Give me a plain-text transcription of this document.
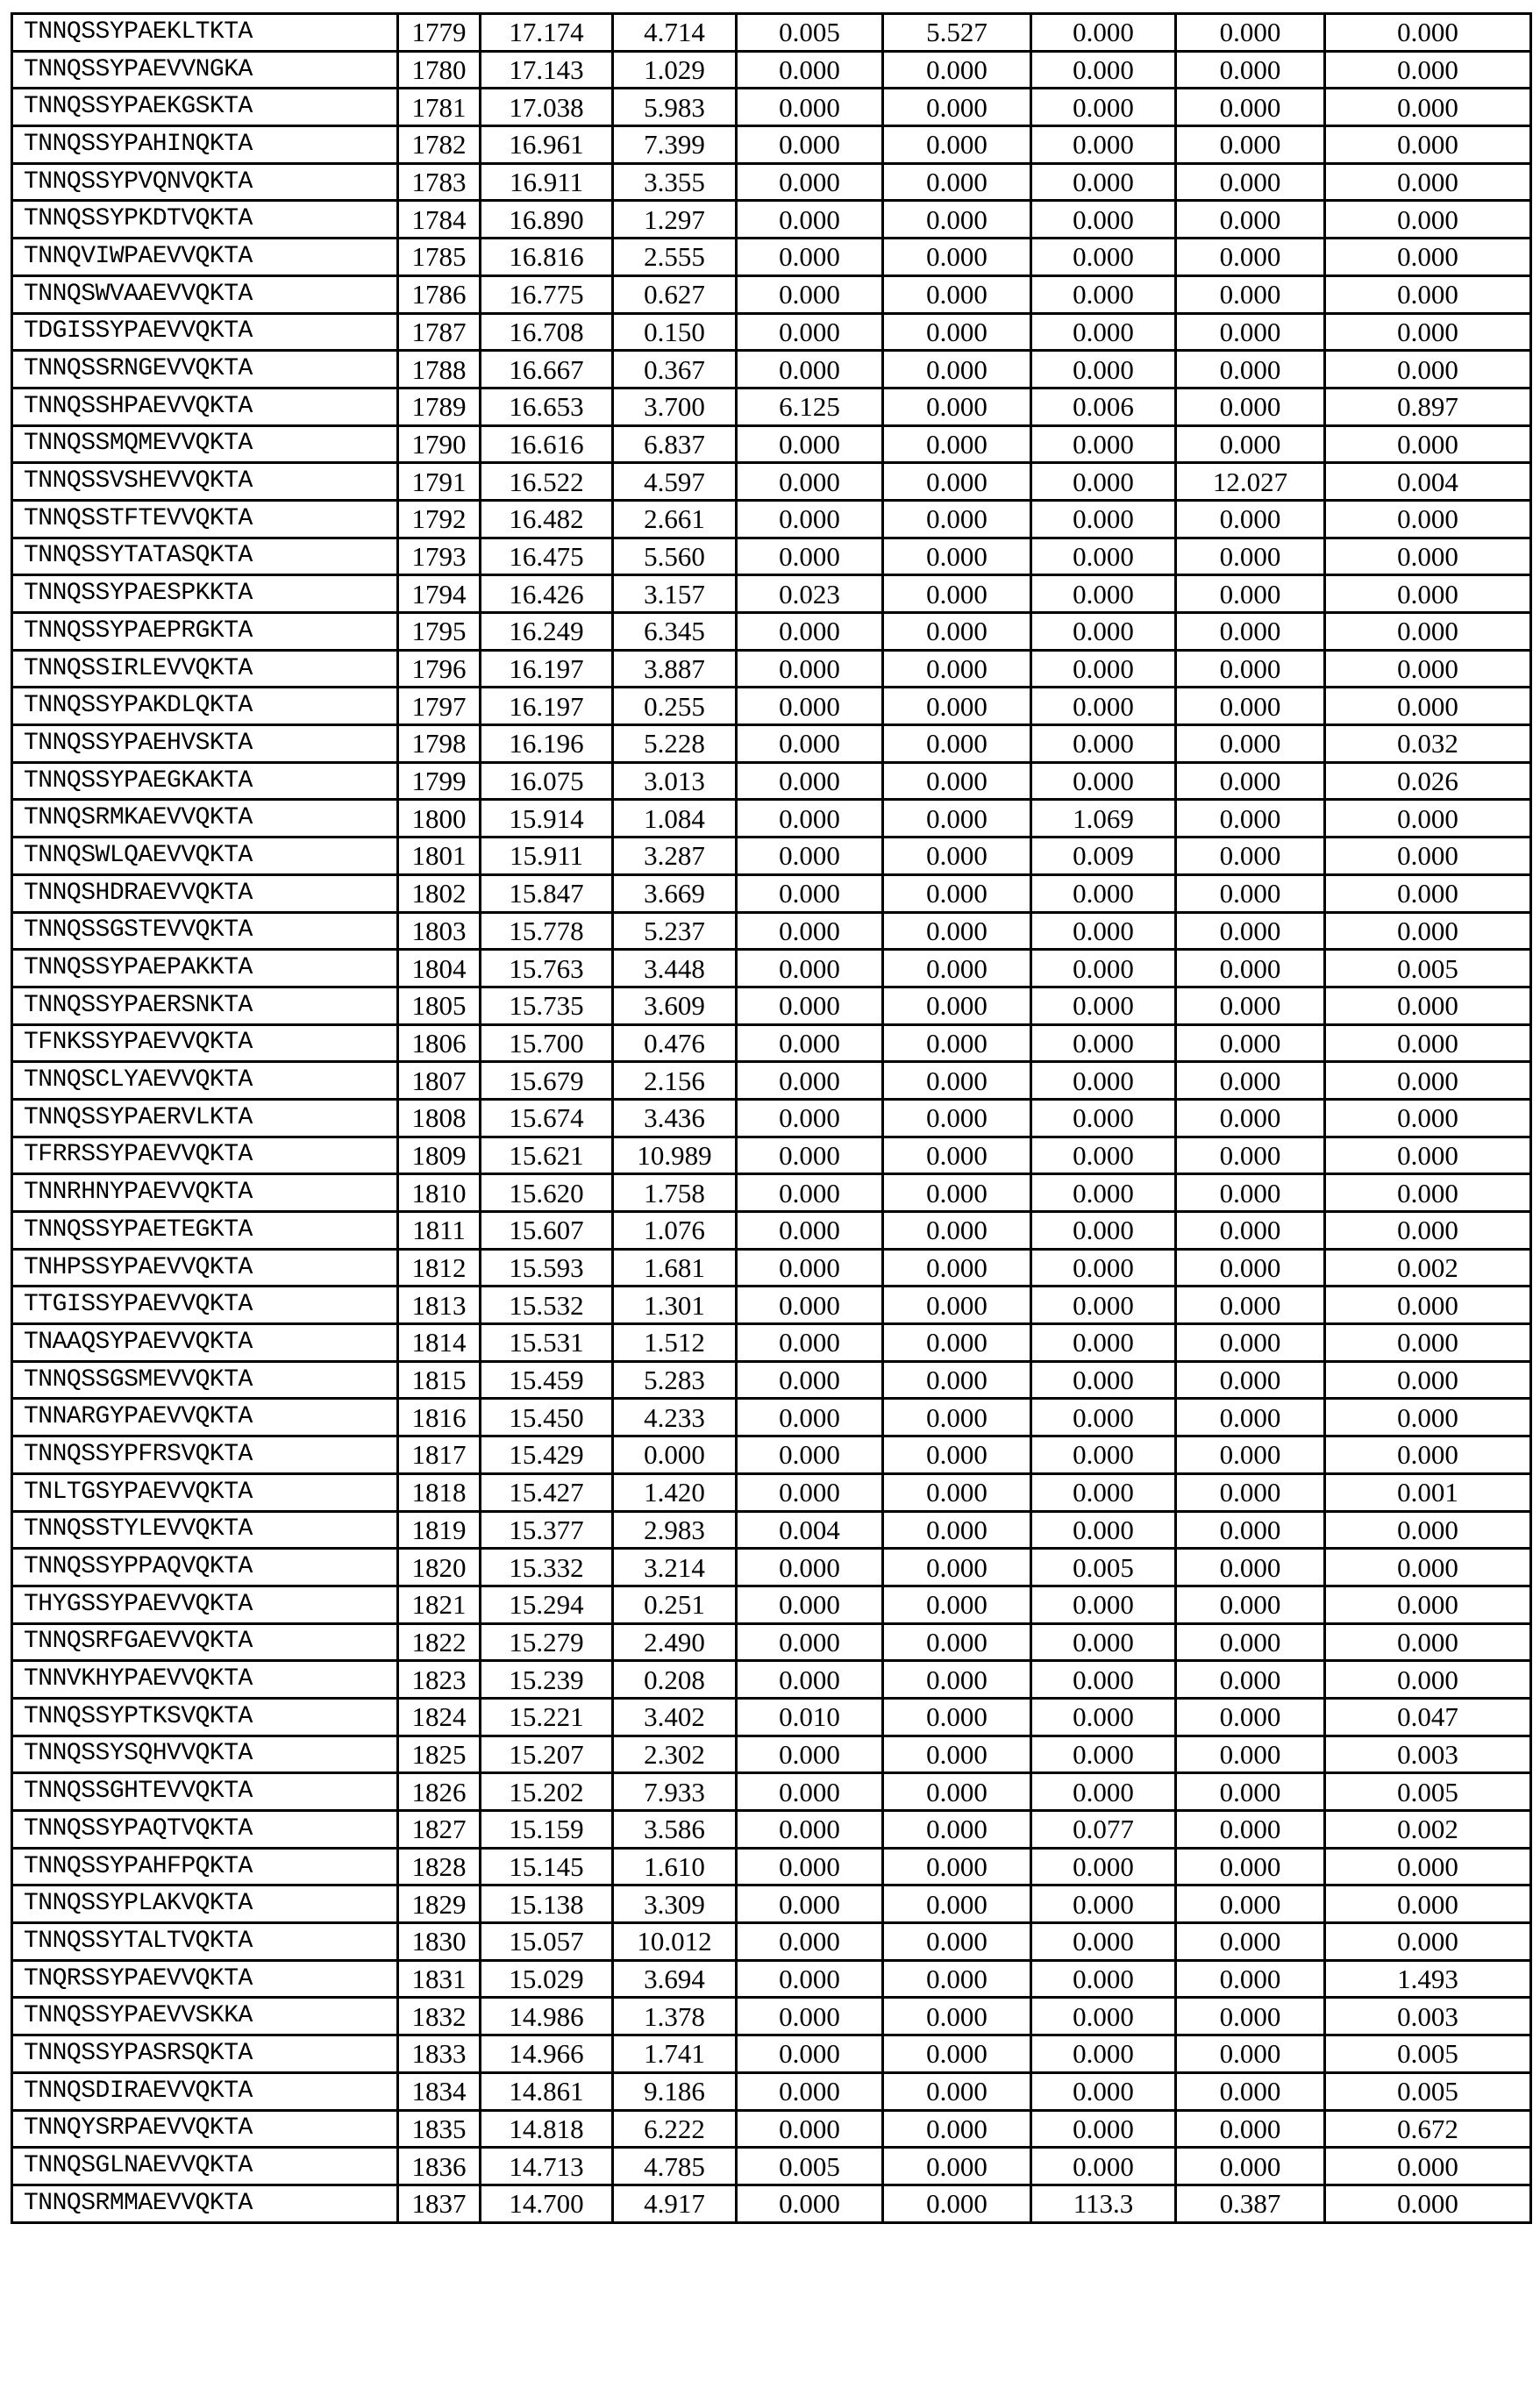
TNNQSSYPAEKLTKTA	1779	17.174	4.714	0.005	5.527	0.000	0.000	0.000
TNNQSSYPAEVVNGKA	1780	17.143	1.029	0.000	0.000	0.000	0.000	0.000
TNNQSSYPAEKGSKTA	1781	17.038	5.983	0.000	0.000	0.000	0.000	0.000
TNNQSSYPAHINQKTA	1782	16.961	7.399	0.000	0.000	0.000	0.000	0.000
TNNQSSYPVQNVQKTA	1783	16.911	3.355	0.000	0.000	0.000	0.000	0.000
TNNQSSYPKDTVQKTA	1784	16.890	1.297	0.000	0.000	0.000	0.000	0.000
TNNQVIWPAEVVQKTA	1785	16.816	2.555	0.000	0.000	0.000	0.000	0.000
TNNQSWVAAEVVQKTA	1786	16.775	0.627	0.000	0.000	0.000	0.000	0.000
TDGISSYPAEVVQKTA	1787	16.708	0.150	0.000	0.000	0.000	0.000	0.000
TNNQSSRNGEVVQKTA	1788	16.667	0.367	0.000	0.000	0.000	0.000	0.000
TNNQSSHPAEVVQKTA	1789	16.653	3.700	6.125	0.000	0.006	0.000	0.897
TNNQSSMQMEVVQKTA	1790	16.616	6.837	0.000	0.000	0.000	0.000	0.000
TNNQSSVSHEVVQKTA	1791	16.522	4.597	0.000	0.000	0.000	12.027	0.004
TNNQSSTFTEVVQKTA	1792	16.482	2.661	0.000	0.000	0.000	0.000	0.000
TNNQSSYTATASQKTA	1793	16.475	5.560	0.000	0.000	0.000	0.000	0.000
TNNQSSYPAESPKKTA	1794	16.426	3.157	0.023	0.000	0.000	0.000	0.000
TNNQSSYPAEPRGKTA	1795	16.249	6.345	0.000	0.000	0.000	0.000	0.000
TNNQSSIRLEVVQKTA	1796	16.197	3.887	0.000	0.000	0.000	0.000	0.000
TNNQSSYPAKDLQKTA	1797	16.197	0.255	0.000	0.000	0.000	0.000	0.000
TNNQSSYPAEHVSKTA	1798	16.196	5.228	0.000	0.000	0.000	0.000	0.032
TNNQSSYPAEGKAKTA	1799	16.075	3.013	0.000	0.000	0.000	0.000	0.026
TNNQSRMKAEVVQKTA	1800	15.914	1.084	0.000	0.000	1.069	0.000	0.000
TNNQSWLQAEVVQKTA	1801	15.911	3.287	0.000	0.000	0.009	0.000	0.000
TNNQSHDRAEVVQKTA	1802	15.847	3.669	0.000	0.000	0.000	0.000	0.000
TNNQSSGSTEVVQKTA	1803	15.778	5.237	0.000	0.000	0.000	0.000	0.000
TNNQSSYPAEPAKKTA	1804	15.763	3.448	0.000	0.000	0.000	0.000	0.005
TNNQSSYPAERSNKTA	1805	15.735	3.609	0.000	0.000	0.000	0.000	0.000
TFNKSSYPAEVVQKTA	1806	15.700	0.476	0.000	0.000	0.000	0.000	0.000
TNNQSCLYAEVVQKTA	1807	15.679	2.156	0.000	0.000	0.000	0.000	0.000
TNNQSSYPAERVLKTA	1808	15.674	3.436	0.000	0.000	0.000	0.000	0.000
TFRRSSYPAEVVQKTA	1809	15.621	10.989	0.000	0.000	0.000	0.000	0.000
TNNRHNYPAEVVQKTA	1810	15.620	1.758	0.000	0.000	0.000	0.000	0.000
TNNQSSYPAETEGKTA	1811	15.607	1.076	0.000	0.000	0.000	0.000	0.000
TNHPSSYPAEVVQKTA	1812	15.593	1.681	0.000	0.000	0.000	0.000	0.002
TTGISSYPAEVVQKTA	1813	15.532	1.301	0.000	0.000	0.000	0.000	0.000
TNAAQSYPAEVVQKTA	1814	15.531	1.512	0.000	0.000	0.000	0.000	0.000
TNNQSSGSMEVVQKTA	1815	15.459	5.283	0.000	0.000	0.000	0.000	0.000
TNNARGYPAEVVQKTA	1816	15.450	4.233	0.000	0.000	0.000	0.000	0.000
TNNQSSYPFRSVQKTA	1817	15.429	0.000	0.000	0.000	0.000	0.000	0.000
TNLTGSYPAEVVQKTA	1818	15.427	1.420	0.000	0.000	0.000	0.000	0.001
TNNQSSTYLEVVQKTA	1819	15.377	2.983	0.004	0.000	0.000	0.000	0.000
TNNQSSYPPAQVQKTA	1820	15.332	3.214	0.000	0.000	0.005	0.000	0.000
THYGSSYPAEVVQKTA	1821	15.294	0.251	0.000	0.000	0.000	0.000	0.000
TNNQSRFGAEVVQKTA	1822	15.279	2.490	0.000	0.000	0.000	0.000	0.000
TNNVKHYPAEVVQKTA	1823	15.239	0.208	0.000	0.000	0.000	0.000	0.000
TNNQSSYPTKSVQKTA	1824	15.221	3.402	0.010	0.000	0.000	0.000	0.047
TNNQSSYSQHVVQKTA	1825	15.207	2.302	0.000	0.000	0.000	0.000	0.003
TNNQSSGHTEVVQKTA	1826	15.202	7.933	0.000	0.000	0.000	0.000	0.005
TNNQSSYPAQTVQKTA	1827	15.159	3.586	0.000	0.000	0.077	0.000	0.002
TNNQSSYPAHFPQKTA	1828	15.145	1.610	0.000	0.000	0.000	0.000	0.000
TNNQSSYPLAKVQKTA	1829	15.138	3.309	0.000	0.000	0.000	0.000	0.000
TNNQSSYTALTVQKTA	1830	15.057	10.012	0.000	0.000	0.000	0.000	0.000
TNQRSSYPAEVVQKTA	1831	15.029	3.694	0.000	0.000	0.000	0.000	1.493
TNNQSSYPAEVVSKKA	1832	14.986	1.378	0.000	0.000	0.000	0.000	0.003
TNNQSSYPASRSQKTA	1833	14.966	1.741	0.000	0.000	0.000	0.000	0.005
TNNQSDIRAEVVQKTA	1834	14.861	9.186	0.000	0.000	0.000	0.000	0.005
TNNQYSRPAEVVQKTA	1835	14.818	6.222	0.000	0.000	0.000	0.000	0.672
TNNQSGLNAEVVQKTA	1836	14.713	4.785	0.005	0.000	0.000	0.000	0.000
TNNQSRMMAEVVQKTA	1837	14.700	4.917	0.000	0.000	113.3	0.387	0.000
